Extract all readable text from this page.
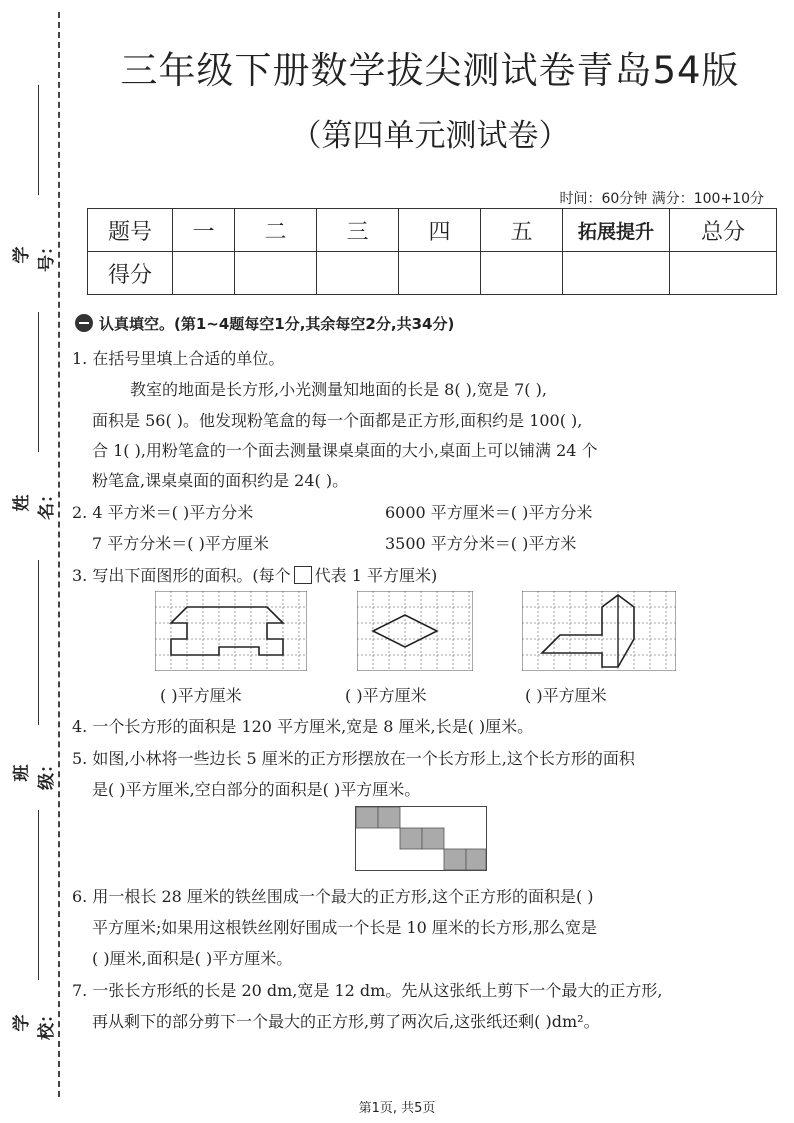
学号：
姓名：
班级：
学校：
三年级下册数学拔尖测试卷青岛54版
（第四单元测试卷）
时间：60分钟 满分：100+10分
题号	一	二	三	四	五	拓展提升	总分
得分							
认真填空。(第1~4题每空1分,其余每空2分,共34分)
1. 在括号里填上合适的单位。
教室的地面是长方形,小光测量知地面的长是 8( ),宽是 7( ),
面积是 56( )。他发现粉笔盒的每一个面都是正方形,面积约是 100( ),
合 1( ),用粉笔盒的一个面去测量课桌桌面的大小,桌面上可以铺满 24 个
粉笔盒,课桌桌面的面积约是 24( )。
2. 4 平方米＝( )平方分米	6000 平方厘米＝( )平方分米
7 平方分米＝( )平方厘米	3500 平方分米＝( )平方米
3. 写出下面图形的面积。(每个 代表 1 平方厘米)
( )平方厘米	( )平方厘米	( )平方厘米
4. 一个长方形的面积是 120 平方厘米,宽是 8 厘米,长是( )厘米。
5. 如图,小林将一些边长 5 厘米的正方形摆放在一个长方形上,这个长方形的面积
是( )平方厘米,空白部分的面积是( )平方厘米。
6. 用一根长 28 厘米的铁丝围成一个最大的正方形,这个正方形的面积是( )
平方厘米;如果用这根铁丝刚好围成一个长是 10 厘米的长方形,那么宽是
( )厘米,面积是( )平方厘米。
7. 一张长方形纸的长是 20 dm,宽是 12 dm。先从这张纸上剪下一个最大的正方形,
再从剩下的部分剪下一个最大的正方形,剪了两次后,这张纸还剩( )dm²。
第1页, 共5页
